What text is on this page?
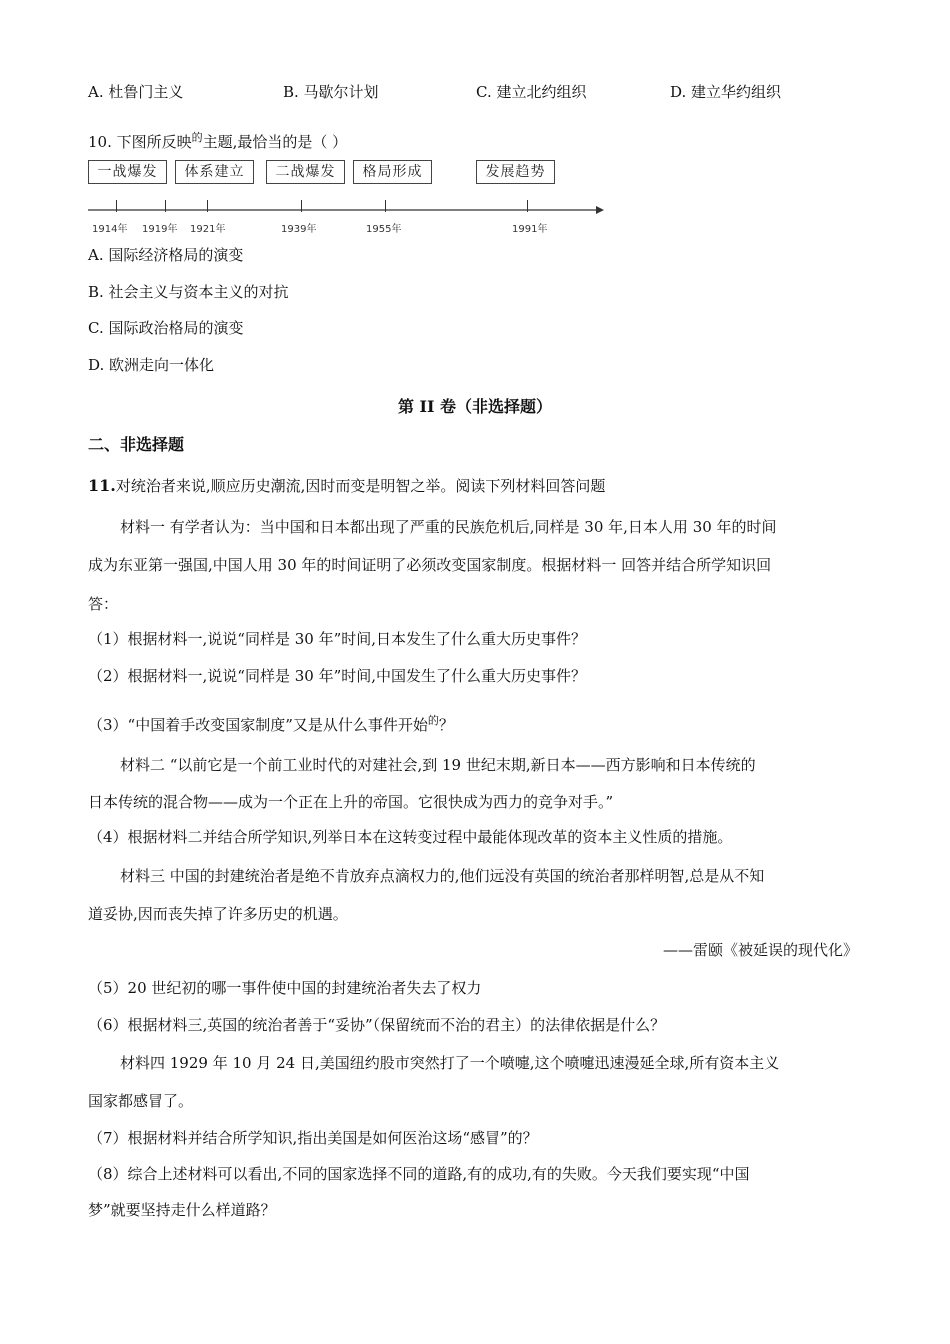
A. 杜鲁门主义	B. 马歇尔计划	C. 建立北约组织	D. 建立华约组织
10. 下图所反映$^的$主题,最恰当的是（ ）
一战爆发	体系建立	二战爆发	格局形成	发展趋势
1914年 1919年 1921年	1939年	1955年	1991年
A. 国际经济格局的演变
B. 社会主义与资本主义的对抗
C. 国际政治格局的演变
D. 欧洲走向一体化
第 II 卷（非选择题）
二、非选择题
11.对统治者来说,顺应历史潮流,因时而变是明智之举。阅读下列材料回答问题
材料一 有学者认为：当中国和日本都出现了严重的民族危机后,同样是 30 年,日本人用 30 年的时间
成为东亚第一强国,中国人用 30 年的时间证明了必须改变国家制度。根据材料一 回答并结合所学知识回
答：
（1）根据材料一,说说“同样是 30 年”时间,日本发生了什么重大历史事件？
（2）根据材料一,说说“同样是 30 年”时间,中国发生了什么重大历史事件？
（3）“中国着手改变国家制度”又是从什么事件开始$^的$？
材料二 “以前它是一个前工业时代的对建社会,到 19 世纪末期,新日本——西方影响和日本传统的
日本传统的混合物——成为一个正在上升的帝国。它很快成为西力的竞争对手。”
（4）根据材料二并结合所学知识,列举日本在这转变过程中最能体现改革的资本主义性质的措施。
材料三 中国的封建统治者是绝不肯放弃点滴权力的,他们远没有英国的统治者那样明智,总是从不知
道妥协,因而丧失掉了许多历史的机遇。
——雷颐《被延误的现代化》
（5）20 世纪初的哪一事件使中国的封建统治者失去了权力
（6）根据材料三,英国的统治者善于“妥协”（保留统而不治的君主）的法律依据是什么？
材料四 1929 年 10 月 24 日,美国纽约股市突然打了一个喷嚏,这个喷嚏迅速漫延全球,所有资本主义
国家都感冒了。
（7）根据材料并结合所学知识,指出美国是如何医治这场“感冒”的？
（8）综合上述材料可以看出,不同的国家选择不同的道路,有的成功,有的失败。今天我们要实现“中国
梦”就要坚持走什么样道路？
